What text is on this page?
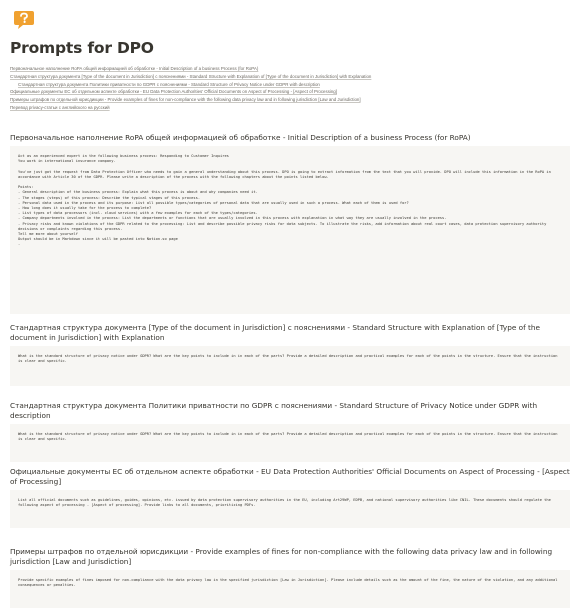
Prompts for DPO
Первоначальное наполнение RoPA общей информацией об обработке - Initial Description of a business Process (for RoPA)
Стандартная структура документа [Type of the document in Jurisdiction] с пояснениями - Standard Structure with Explanation of [Type of the document in Jurisdiction] with Explanation
Стандартная структура документа Политики приватности по GDPR с пояснениями - Standard Structure of Privacy Notice under GDPR with description
Официальные документы ЕС об отдельном аспекте обработки - EU Data Protection Authorities' Official Documents on Aspect of Processing - [Aspect of Processing]
Примеры штрафов по отдельной юрисдикции - Provide examples of fines for non-compliance with the following data privacy law and in following jurisdiction [Law and Jurisdiction]
Перевод privacy-статьи с английского на русский
Первоначальное наполнение RoPA общей информацией об обработке - Initial Description of a business Process (for RoPA)
Act as an experienced expert in the following business process: Responding to Customer Inquires
You work in international insurance company.

You've just got the request from Data Protection Officer who needs to gain a general understanding about this process. DPO is going to extract information from the text that you will provide. DPO will include this information in the RoPA in accordance with Article 30 of the GDPR. Please write a description of the process with the following chapters about the points listed below.

Points:
- General description of the business process: Explain what this process is about and why companies need it.
- The stages (steps) of this process: Describe the typical stages of this process.
- Personal data used in the process and its purpose: List all possible types/categories of personal data that are usually used in such a process. What each of them is used for?
- How long does it usually take for the process to complete?
- List types of data processors (incl. cloud services) with a few examples for each of the types/categories.
- Company departments involved in the process: List the departments or functions that are usually involved in this process with explanation in what way they are usually involved in the process.
- Privacy risks and known violations of the GDPR related to the processing: List and describe possible privacy risks for data subjects. To illustrate the risks, add information about real court cases, data protection supervisory authority decisions or complaints regarding this process.
Tell me more about yourself
Output should be in Markdown since it will be pasted into Notion.so page
-
Стандартная структура документа [Type of the document in Jurisdiction] с пояснениями - Standard Structure with Explanation of [Type of the document in Jurisdiction] with Explanation
What is the standard structure of privacy notice under GDPR? What are the key points to include in in each of the parts? Provide a detailed description and practical examples for each of the points in the structure. Ensure that the instruction is clear and specific.
Стандартная структура документа Политики приватности по GDPR с пояснениями - Standard Structure of Privacy Notice under GDPR with description
What is the standard structure of privacy notice under GDPR? What are the key points to include in in each of the parts? Provide a detailed description and practical examples for each of the points in the structure. Ensure that the instruction is clear and specific.
Официальные документы ЕС об отдельном аспекте обработки - EU Data Protection Authorities' Official Documents on Aspect of Processing - [Aspect of Processing]
List all official documents such as guidelines, guides, opinions, etc. issued by data protection supervisory authorities in the EU, including Art29WP, EDPB, and national supervisory authorities like CNIL. These documents should regulate the following aspect of processing - [Aspect of processing]. Provide links to all documents, prioritizing PDFs.
Примеры штрафов по отдельной юрисдикции - Provide examples of fines for non-compliance with the following data privacy law and in following jurisdiction [Law and Jurisdiction]
Provide specific examples of fines imposed for non-compliance with the data privacy law in the specified jurisdiction [Law in Jurisdiction]. Please include details such as the amount of the fine, the nature of the violation, and any additional consequences or penalties.
